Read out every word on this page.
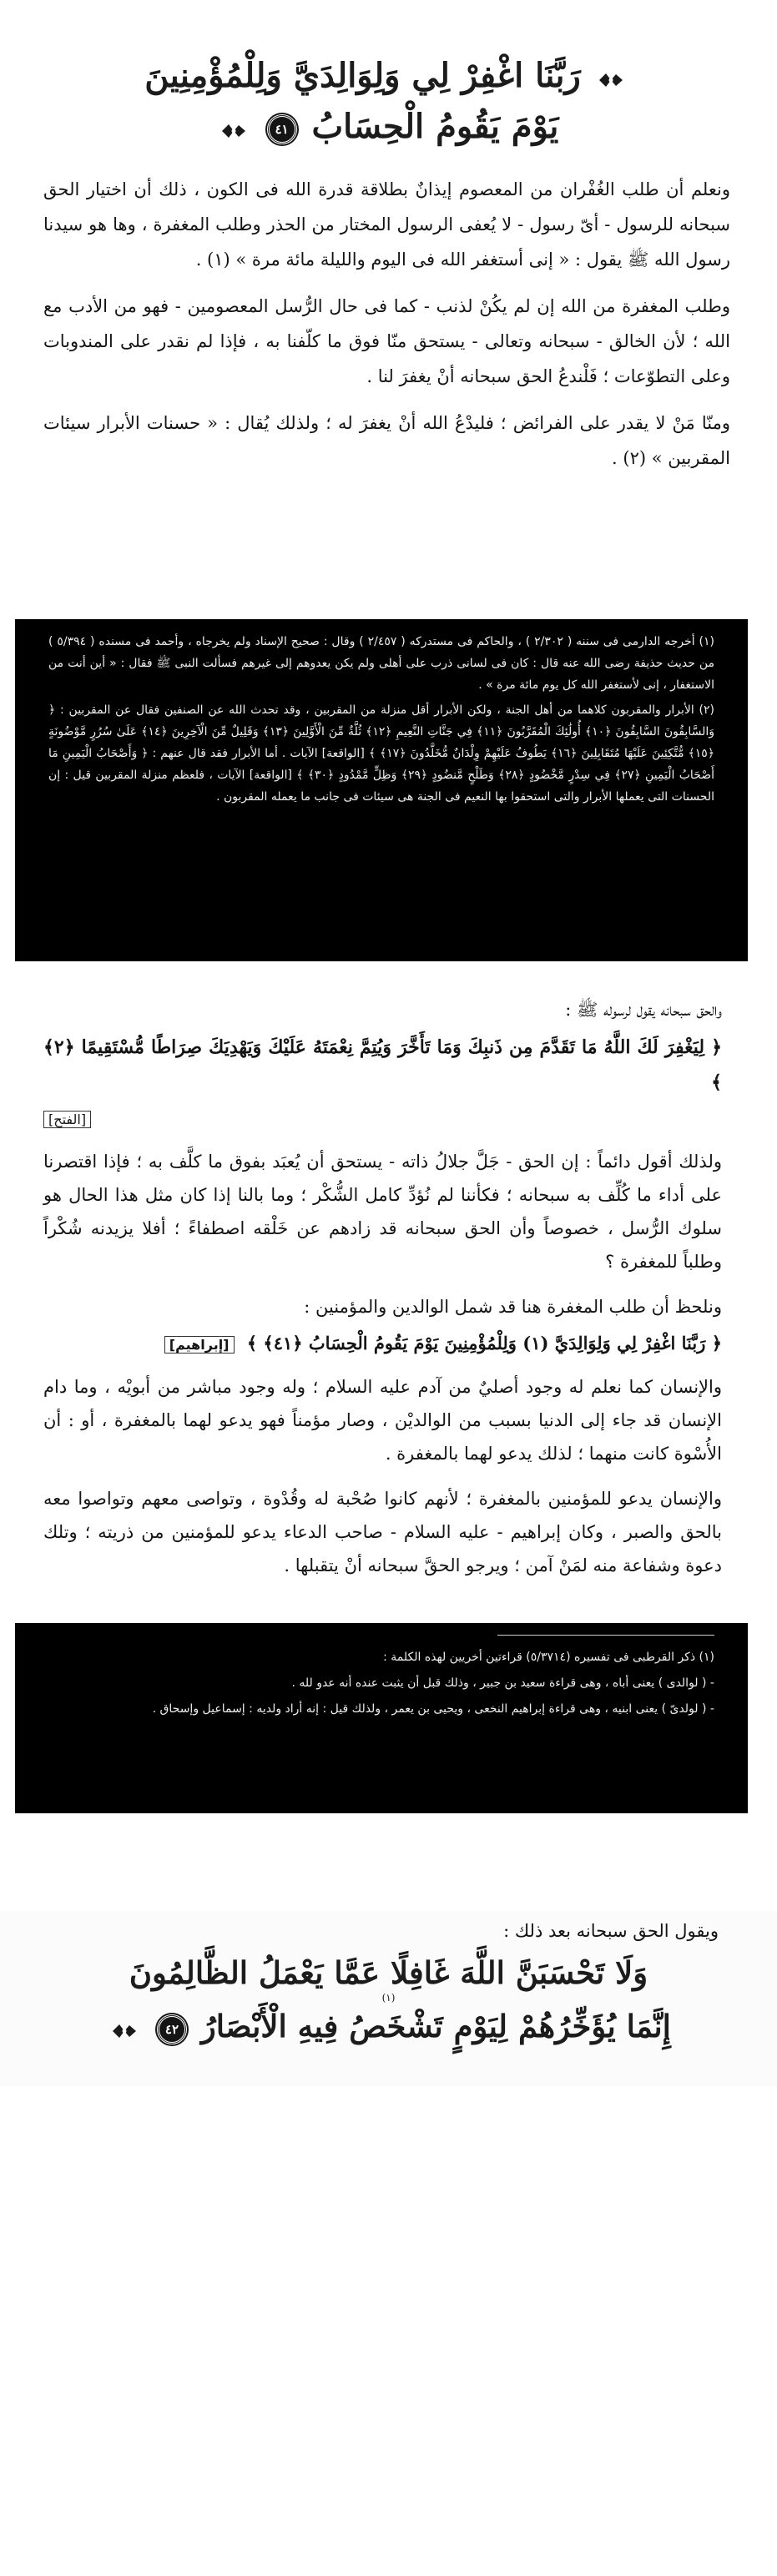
رَبَّنَا اغْفِرْ لِي وَلِوَالِدَيَّ وَلِلْمُؤْمِنِينَ
يَوْمَ يَقُومُ الْحِسَابُ ٤١

ونعلم أن طلب الغُفْران من المعصوم إيذانٌ بطلاقة قدرة الله فى الكون ، ذلك أن اختيار الحق سبحانه للرسول - أىّ رسول - لا يُعفى الرسول المختار من الحذر وطلب المغفرة ، وها هو سيدنا رسول الله ﷺ يقول : « إنى أستغفر الله فى اليوم والليلة مائة مرة » (١) .

وطلب المغفرة من الله إن لم يكُنْ لذنب - كما فى حال الرُّسل المعصومين - فهو من الأدب مع الله ؛ لأن الخالق - سبحانه وتعالى - يستحق منّا فوق ما كلّفنا به ، فإذا لم نقدر على المندوبات وعلى التطوّعات ؛ فَلْندعُ الحق سبحانه أنْ يغفرَ لنا .

ومنّا مَنْ لا يقدر على الفرائض ؛ فليدْعُ الله أنْ يغفرَ له ؛ ولذلك يُقال : « حسنات الأبرار سيئات المقربين » (٢) .

(١) أخرجه الدارمى فى سننه ( ٢/٣٠٢ ) ، والحاكم فى مستدركه ( ٢/٤٥٧ ) وقال : صحيح الإسناد ولم يخرجاه ، وأحمد فى مسنده ( ٥/٣٩٤ ) من حديث حذيفة رضى الله عنه قال : كان فى لسانى ذرب على أهلى ولم يكن يعدوهم إلى غيرهم فسألت النبى ﷺ فقال : « أين أنت من الاستغفار ، إنى لأستغفر الله كل يوم مائة مرة » .

(٢) الأبرار والمقربون كلاهما من أهل الجنة ، ولكن الأبرار أقل منزلة من المقربين ، وقد تحدث الله عن الصنفين فقال عن المقربين : ﴿ وَالسَّابِقُونَ السَّابِقُونَ ﴿١٠﴾ أُولَٰئِكَ الْمُقَرَّبُونَ ﴿١١﴾ فِي جَنَّاتِ النَّعِيمِ ﴿١٢﴾ ثُلَّةٌ مِّنَ الْأَوَّلِينَ ﴿١٣﴾ وَقَلِيلٌ مِّنَ الْآخِرِينَ ﴿١٤﴾ عَلَىٰ سُرُرٍ مَّوْضُونَةٍ ﴿١٥﴾ مُّتَّكِئِينَ عَلَيْهَا مُتَقَابِلِينَ ﴿١٦﴾ يَطُوفُ عَلَيْهِمْ وِلْدَانٌ مُّخَلَّدُونَ ﴿١٧﴾ ﴾ [الواقعة] الآيات . أما الأبرار فقد قال عنهم : ﴿ وَأَصْحَابُ الْيَمِينِ مَا أَصْحَابُ الْيَمِينِ ﴿٢٧﴾ فِي سِدْرٍ مَّخْضُودٍ ﴿٢٨﴾ وَطَلْحٍ مَّنضُودٍ ﴿٢٩﴾ وَظِلٍّ مَّمْدُودٍ ﴿٣٠﴾ ﴾ [الواقعة] الآيات ، فلعظم منزلة المقربين قيل : إن الحسنات التى يعملها الأبرار والتى استحقوا بها النعيم فى الجنة هى سيئات فى جانب ما يعمله المقربون .

والحق سبحانه يقول لرسوله ﷺ :

﴿ لِيَغْفِرَ لَكَ اللَّهُ مَا تَقَدَّمَ مِن ذَنبِكَ وَمَا تَأَخَّرَ وَيُتِمَّ نِعْمَتَهُ عَلَيْكَ وَيَهْدِيَكَ صِرَاطًا مُّسْتَقِيمًا ﴿٢﴾ ﴾

[الفتح]

ولذلك أقول دائماً : إن الحق - جَلَّ جلالُ ذاته - يستحق أن يُعبَد بفوق ما كلَّف به ؛ فإذا اقتصرنا على أداء ما كُلِّف به سبحانه ؛ فكأننا لم نُؤدِّ كامل الشُّكْر ؛ وما بالنا إذا كان مثل هذا الحال هو سلوك الرُّسل ، خصوصاً وأن الحق سبحانه قد زادهم عن خَلْقه اصطفاءً ؛ أفلا يزيدنه شُكْراً وطلباً للمغفرة ؟

ونلحظ أن طلب المغفرة هنا قد شمل الوالدين والمؤمنين :

﴿ رَبَّنَا اغْفِرْ لِي وَلِوَالِدَيَّ (١) وَلِلْمُؤْمِنِينَ يَوْمَ يَقُومُ الْحِسَابُ ﴿٤١﴾ ﴾ [إبراهيم]

والإنسان كما نعلم له وجود أصليٌ من آدم عليه السلام ؛ وله وجود مباشر من أبويْه ، وما دام الإنسان قد جاء إلى الدنيا بسبب من الوالديْن ، وصار مؤمناً فهو يدعو لهما بالمغفرة ، أو : أن الأُسْوة كانت منهما ؛ لذلك يدعو لهما بالمغفرة .

والإنسان يدعو للمؤمنين بالمغفرة ؛ لأنهم كانوا صُحْبة له وقُدْوة ، وتواصى معهم وتواصوا معه بالحق والصبر ، وكان إبراهيم - عليه السلام - صاحب الدعاء يدعو للمؤمنين من ذريته ؛ وتلك دعوة وشفاعة منه لمَنْ آمن ؛ ويرجو الحقَّ سبحانه أنْ يتقبلها .

(١) ذكر القرطبى فى تفسيره (٥/٣٧١٤) قراءتين أخريين لهذه الكلمة :

- ( لوالدى ) يعنى أباه ، وهى قراءة سعيد بن جبير ، وذلك قبل أن يثبت عنده أنه عدو لله .

- ( لولدىّ ) يعنى ابنيه ، وهى قراءة إبراهيم النخعى ، ويحيى بن يعمر ، ولذلك قيل : إنه أراد ولديه : إسماعيل وإسحاق .

ويقول الحق سبحانه بعد ذلك :

وَلَا تَحْسَبَنَّ اللَّهَ غَافِلًا عَمَّا يَعْمَلُ الظَّالِمُونَ
(١)
إِنَّمَا يُؤَخِّرُهُمْ لِيَوْمٍ تَشْخَصُ فِيهِ الْأَبْصَارُ ٤٢
